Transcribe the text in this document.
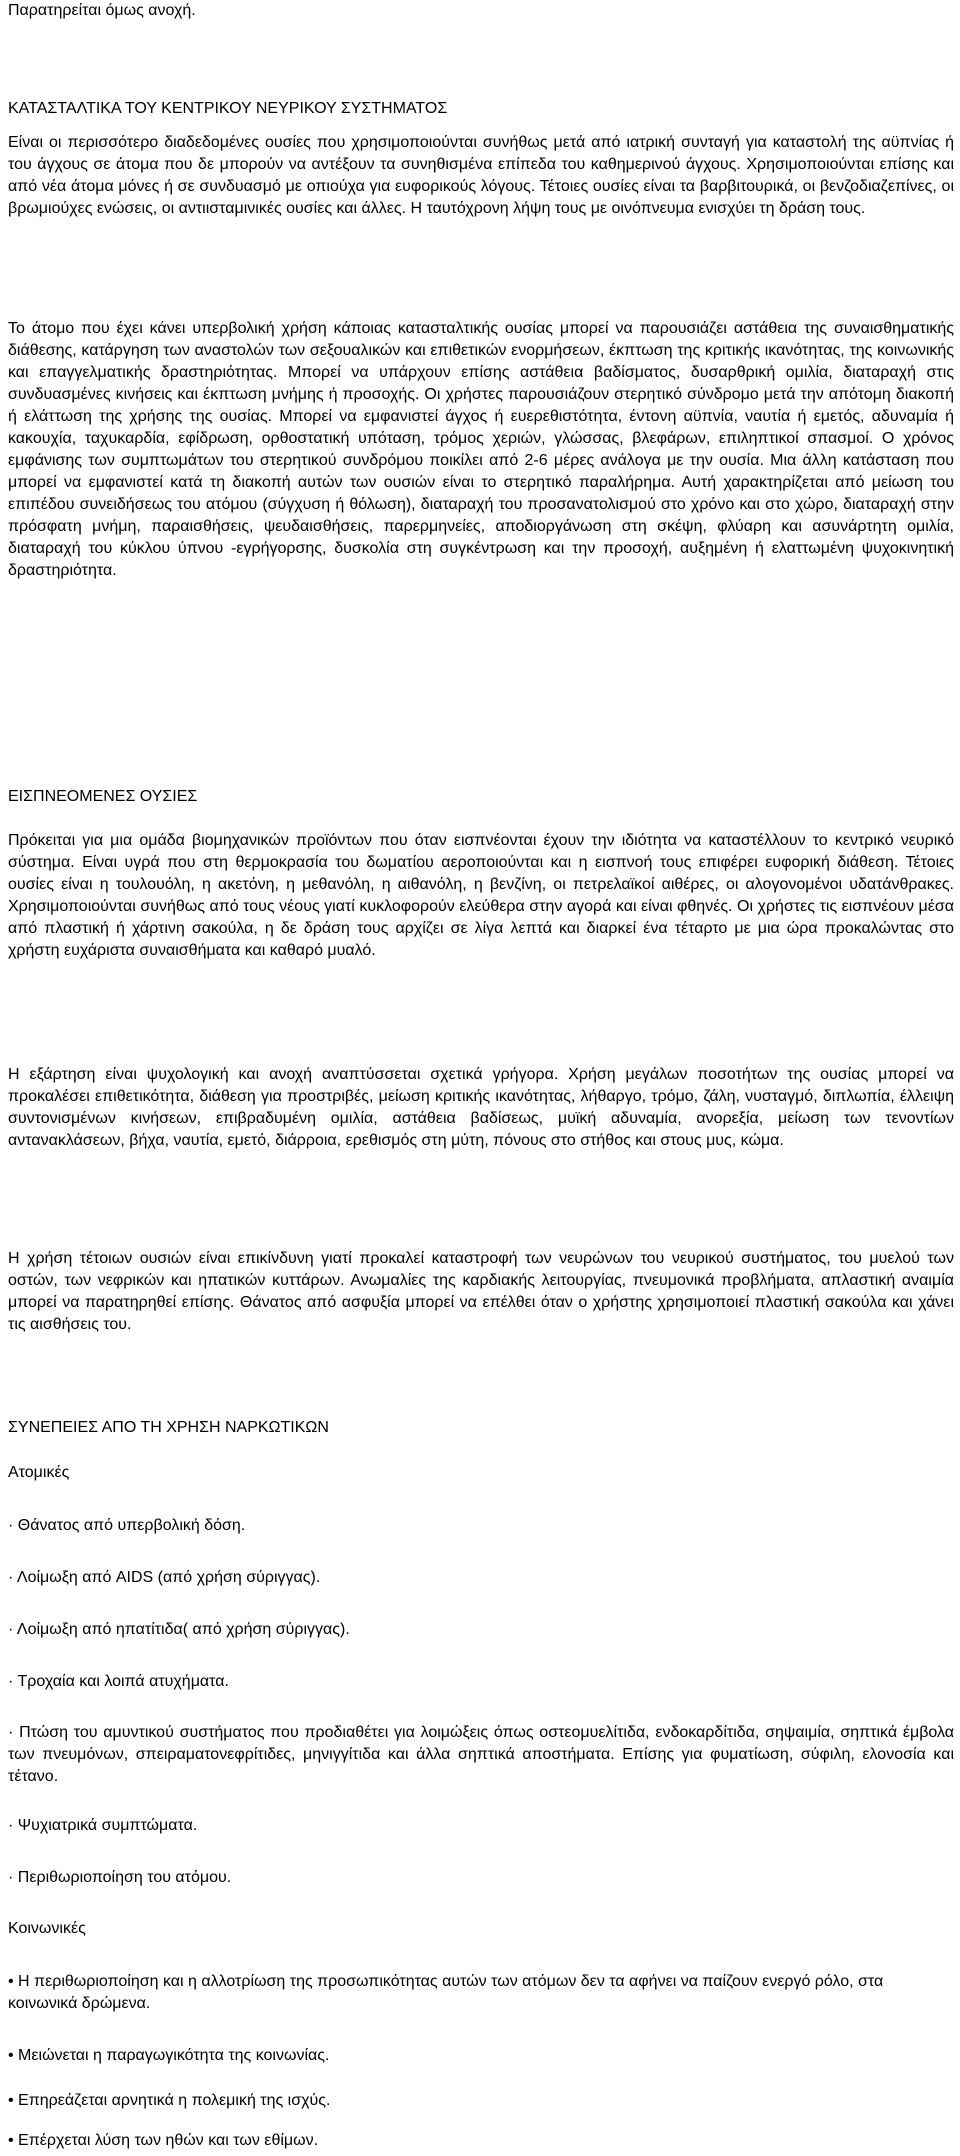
Παρατηρείται όμως ανοχή.

ΚΑΤΑΣΤΑΛΤΙΚΑ ΤΟΥ ΚΕΝΤΡΙΚΟΥ ΝΕΥΡΙΚΟΥ ΣΥΣΤΗΜΑΤΟΣ

Είναι οι περισσότερο διαδεδομένες ουσίες που χρησιμοποιούνται συνήθως μετά από ιατρική συνταγή για καταστολή της αϋπνίας ή του άγχους σε άτομα που δε μπορούν να αντέξουν τα συνηθισμένα επίπεδα του καθημερινού άγχους. Χρησιμοποιούνται επίσης και από νέα άτομα μόνες ή σε συνδυασμό με οπιούχα για ευφορικούς λόγους. Τέτοιες ουσίες είναι τα βαρβιτουρικά, οι βενζοδιαζεπίνες, οι βρωμιούχες ενώσεις, οι αντιισταμινικές ουσίες και άλλες. Η ταυτόχρονη λήψη τους με οινόπνευμα ενισχύει τη δράση τους.

Το άτομο που έχει κάνει υπερβολική χρήση κάποιας κατασταλτικής ουσίας μπορεί να παρουσιάζει αστάθεια της συναισθηματικής διάθεσης, κατάργηση των αναστολών των σεξουαλικών και επιθετικών ενορμήσεων, έκπτωση της κριτικής ικανότητας, της κοινωνικής και επαγγελματικής δραστηριότητας. Μπορεί να υπάρχουν επίσης αστάθεια βαδίσματος, δυσαρθρική ομιλία, διαταραχή στις συνδυασμένες κινήσεις και έκπτωση μνήμης ή προσοχής. Οι χρήστες παρουσιάζουν στερητικό σύνδρομο μετά την απότομη διακοπή ή ελάττωση της χρήσης της ουσίας. Μπορεί να εμφανιστεί άγχος ή ευερεθιστότητα, έντονη αϋπνία, ναυτία ή εμετός, αδυναμία ή κακουχία, ταχυκαρδία, εφίδρωση, ορθοστατική υπόταση, τρόμος χεριών, γλώσσας, βλεφάρων, επιληπτικοί σπασμοί. Ο χρόνος εμφάνισης των συμπτωμάτων του στερητικού συνδρόμου ποικίλει από 2-6 μέρες ανάλογα με την ουσία. Μια άλλη κατάσταση που μπορεί να εμφανιστεί κατά τη διακοπή αυτών των ουσιών είναι το στερητικό παραλήρημα. Αυτή χαρακτηρίζεται από μείωση του επιπέδου συνειδήσεως του ατόμου (σύγχυση ή θόλωση), διαταραχή του προσανατολισμού στο χρόνο και στο χώρο, διαταραχή στην πρόσφατη μνήμη, παραισθήσεις, ψευδαισθήσεις, παρερμηνείες, αποδιοργάνωση στη σκέψη, φλύαρη και ασυνάρτητη ομιλία, διαταραχή του κύκλου ύπνου -εγρήγορσης, δυσκολία στη συγκέντρωση και την προσοχή, αυξημένη ή ελαττωμένη ψυχοκινητική δραστηριότητα.

ΕΙΣΠΝΕΟΜΕΝΕΣ ΟΥΣΙΕΣ

Πρόκειται για μια ομάδα βιομηχανικών προϊόντων που όταν εισπνέονται έχουν την ιδιότητα να καταστέλλουν το κεντρικό νευρικό σύστημα. Είναι υγρά που στη θερμοκρασία του δωματίου αεροποιούνται και η εισπνοή τους επιφέρει ευφορική διάθεση. Τέτοιες ουσίες είναι η τουλουόλη, η ακετόνη, η μεθανόλη, η αιθανόλη, η βενζίνη, οι πετρελαϊκοί αιθέρες, οι αλογονομένοι υδατάνθρακες. Χρησιμοποιούνται συνήθως από τους νέους γιατί κυκλοφορούν ελεύθερα στην αγορά και είναι φθηνές. Οι χρήστες τις εισπνέουν μέσα από πλαστική ή χάρτινη σακούλα, η δε δράση τους αρχίζει σε λίγα λεπτά και διαρκεί ένα τέταρτο με μια ώρα προκαλώντας στο χρήστη ευχάριστα συναισθήματα και καθαρό μυαλό.

Η εξάρτηση είναι ψυχολογική και ανοχή αναπτύσσεται σχετικά γρήγορα. Χρήση μεγάλων ποσοτήτων της ουσίας μπορεί να προκαλέσει επιθετικότητα, διάθεση για προστριβές, μείωση κριτικής ικανότητας, λήθαργο, τρόμο, ζάλη, νυσταγμό, διπλωπία, έλλειψη συντονισμένων κινήσεων, επιβραδυμένη ομιλία, αστάθεια βαδίσεως, μυϊκή αδυναμία, ανορεξία, μείωση των τενοντίων αντανακλάσεων, βήχα, ναυτία, εμετό, διάρροια, ερεθισμός στη μύτη, πόνους στο στήθος και στους μυς, κώμα.

Η χρήση τέτοιων ουσιών είναι επικίνδυνη γιατί προκαλεί καταστροφή των νευρώνων του νευρικού συστήματος, του μυελού των οστών, των νεφρικών και ηπατικών κυττάρων. Ανωμαλίες της καρδιακής λειτουργίας, πνευμονικά προβλήματα, απλαστική αναιμία μπορεί να παρατηρηθεί επίσης. Θάνατος από ασφυξία μπορεί να επέλθει όταν ο χρήστης χρησιμοποιεί πλαστική σακούλα και χάνει τις αισθήσεις του.

ΣΥΝΕΠΕΙΕΣ ΑΠΟ ΤΗ ΧΡΗΣΗ ΝΑΡΚΩΤΙΚΩΝ

Ατομικές

· Θάνατος από υπερβολική δόση.

· Λοίμωξη από AIDS (από χρήση σύριγγας).

· Λοίμωξη από ηπατίτιδα( από χρήση σύριγγας).

· Τροχαία και λοιπά ατυχήματα.

· Πτώση του αμυντικού συστήματος που προδιαθέτει για λοιμώξεις όπως οστεομυελίτιδα, ενδοκαρδίτιδα, σηψαιμία, σηπτικά έμβολα των πνευμόνων, σπειραματονεφρίτιδες, μηνιγγίτιδα και άλλα σηπτικά αποστήματα. Επίσης για φυματίωση, σύφιλη, ελονοσία και τέτανο.

· Ψυχιατρικά συμπτώματα.

· Περιθωριοποίηση του ατόμου.

Κοινωνικές

• Η περιθωριοποίηση και η αλλοτρίωση της προσωπικότητας αυτών των ατόμων δεν τα αφήνει να παίζουν ενεργό ρόλο, στα κοινωνικά δρώμενα.

• Μειώνεται η παραγωγικότητα της κοινωνίας.

• Επηρεάζεται αρνητικά η πολεμική της ισχύς.

• Επέρχεται λύση των ηθών και των εθίμων.
